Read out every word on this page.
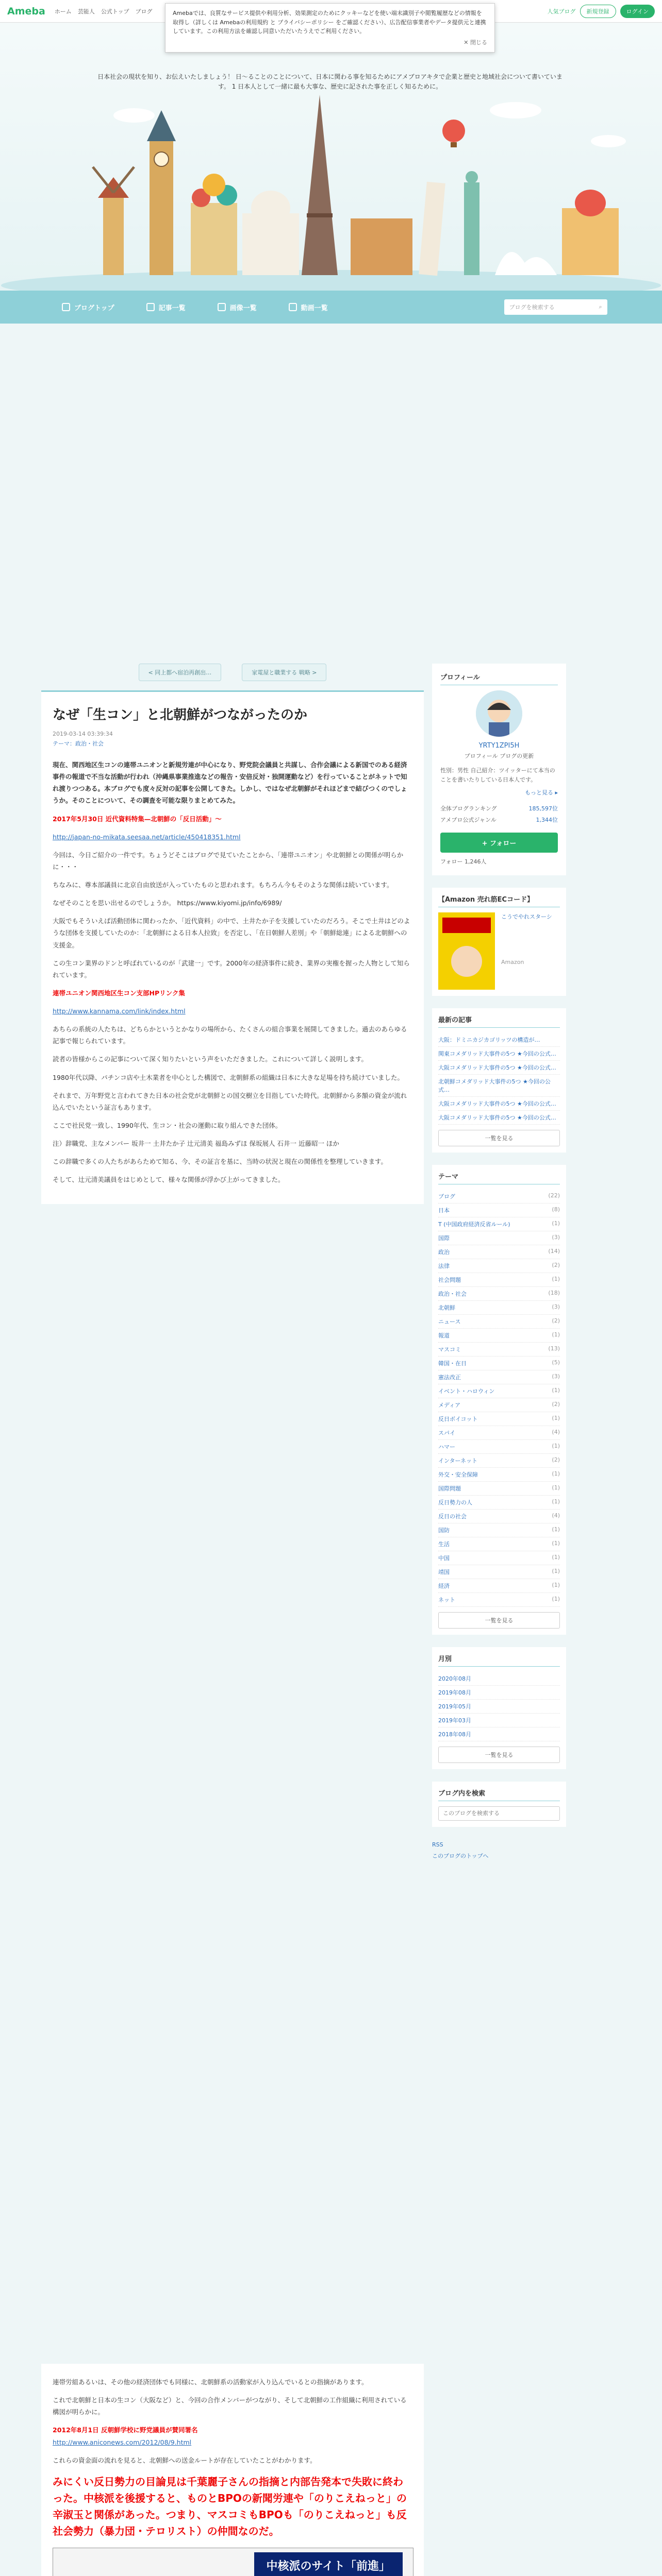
Ameba ホーム 芸能人 公式トップ ブログ	人気ブログ	新規登録	ログイン
Amebaでは、良質なサービス提供や利用分析、効果測定のためにクッキーなどを使い端末識別子や閲覧履歴などの情報を取得し（詳しくは Amebaの利用規約 と プライバシーポリシー をご確認ください）、広告配信事業者やデータ提供元と連携しています。この利用方法を確認し同意いただいたうえでご利用ください。
✕ 閉じる
日本社会の現状を知り、お伝えいたしましょう！ 日〜ることのことについて、日本に関わる事を知るためにアメブロアキタで企業と歴史と地域社会について書いています。 1 日本人として一緒に最も大事な、歴史に記された事を正しく知るために。
ブログトップ	記事一覧	画像一覧	動画一覧	ブログを検索する	⌕
< 同上都へ宿泊再創出…	家電屋と職業する 戦略 >
なぜ「生コン」と北朝鮮がつながったのか
2019-03-14 03:39:34
テーマ：政治・社会

現在、関西地区生コンの連帯ユニオンと新規労連が中心になり、野党院会議員と共謀し、合作会議による新国でのある経済事件の報道で不当な活動が行われ（沖縄県事業推進などの報告・安倍反対・独開運動など）を行っていることがネットで知れ渡りつつある。本ブログでも度々反対の記事を公開してきた。しかし、ではなぜ北朝鮮がそれほどまで結びつくのでしょうか。そのことについて、その調査を可能な限りまとめてみた。

2017年5月30日 近代資料特集—北朝鮮の「反日活動」～

http://japan-no-mikata.seesaa.net/article/450418351.html

今回は、今日ご紹介の一件です。ちょうどそこはブログで見ていたことから、「連帯ユニオン」や北朝鮮との関係が明らかに・・・

ちなみに、尊本部議員に北京自由放送が入っていたものと思われます。もちろん今もそのような関係は続いています。

なぜそのことを思い出せるのでしょうか。 https://www.kiyomi.jp/info/6989/

大阪でもそういえば活動団体に関わったか、「近代資料」の中で、土井たか子を支援していたのだろう。そこで土井はどのような団体を支援していたのか：「北朝鮮による日本人拉致」を否定し、「在日朝鮮人差別」や「朝鮮総連」による北朝鮮への支援金。

この生コン業界のドンと呼ばれているのが「武建一」です。2000年の経済事件に続き、業界の実権を握った人物として知られています。

連帯ユニオン関西地区生コン支部HPリンク集

http://www.kannama.com/link/index.html

あちらの系統の人たちは、どちらかというとかなりの場所から、たくさんの組合事業を展開してきました。過去のあらゆる記事で報じられています。

読者の皆様からこの記事について深く知りたいという声をいただきました。これについて詳しく説明します。

1980年代以降、パチンコ店や土木業者を中心とした構図で、北朝鮮系の組織は日本に大きな足場を持ち続けていました。

それまで、万年野党と言われてきた日本の社会党が北朝鮮との国交樹立を目指していた時代。北朝鮮から多額の資金が流れ込んでいたという証言もあります。

ここで社民党一致し、1990年代、生コン・社会の運動に取り組んできた団体。

注）辞職党、主なメンバー 坂井一 土井たか子 辻元清美 福島みずほ 保坂展人 石井一 近藤昭一 ほか

この辞職で多くの人たちがあらためて知る、今、その証言を基に、当時の状況と現在の関係性を整理していきます。

そして、辻元清美議員をはじめとして、様々な関係が浮かび上がってきました。

プロフィール
YRTY1ZPI5H
プロフィール ブログの更新
性別：男性 自己紹介：ツイッターにて本当のことを書いたりしている日本人です。
もっと見る ▸
全体ブログランキング	185,597位
アメブロ公式ジャンル	1,344位
+ フォロー
フォロー 1,246人
【Amazon 売れ筋ECコード】
こうでやれスターシ
Amazon
最新の記事
大阪：ドミニカジカゴリッツの構造が…
関東コメダリッド大事件の5つ ★今回の公式…
大阪コメダリッド大事件の5つ ★今回の公式…
北朝鮮コメダリッド大事件の5つ ★今回の公式…
大阪コメダリッド大事件の5つ ★今回の公式…
大阪コメダリッド大事件の5つ ★今回の公式…
一覧を見る
テーマ
ブログ	(22)
日本	(8)
T (中国政府経済反省ルール)	(1)
国際	(3)
政治	(14)
法律	(2)
社会問題	(1)
政治・社会	(18)
北朝鮮	(3)
ニュース	(2)
報道	(1)
マスコミ	(13)
韓国・在日	(5)
憲法改正	(3)
イベント・ハロウィン	(1)
メディア	(2)
反日ボイコット	(1)
スパイ	(4)
ハマー	(1)
インターネット	(2)
外交・安全保障	(1)
国際問題	(1)
反日勢力の人	(1)
反日の社会	(4)
国防	(1)
生活	(1)
中国	(1)
靖国	(1)
経済	(1)
ネット	(1)
一覧を見る
月別
2020年08月
2019年08月
2019年05月
2019年03月
2018年08月
一覧を見る
ブログ内を検索
このブログを検索する
RSS
このブログのトップへ

連帯労組あるいは、その他の経済団体でも同様に、北朝鮮系の活動家が入り込んでいるとの指摘があります。

これで北朝鮮と日本の生コン（大阪など）と、今回の合作メンバーがつながり、そして北朝鮮の工作組織に利用されている構図が明らかに。

2012年8月1日 反朝鮮学校に野党議員が賛同署名

http://www.aniconews.com/2012/08/9.html

これらの資金面の流れを見ると、北朝鮮への送金ルートが存在していたことがわかります。

みにくい反日勢力の目論見は千葉麗子さんの指摘と内部告発本で失敗に終わった。中核派を後援すると、ものとBPOの新聞労連や「のりこえねっと」の辛淑玉と関係があった。つまり、マスコミもBPOも「のりこえねっと」も反社会勢力（暴力団・テロリスト）の仲間なのだ。
中核派のサイト「前進」
